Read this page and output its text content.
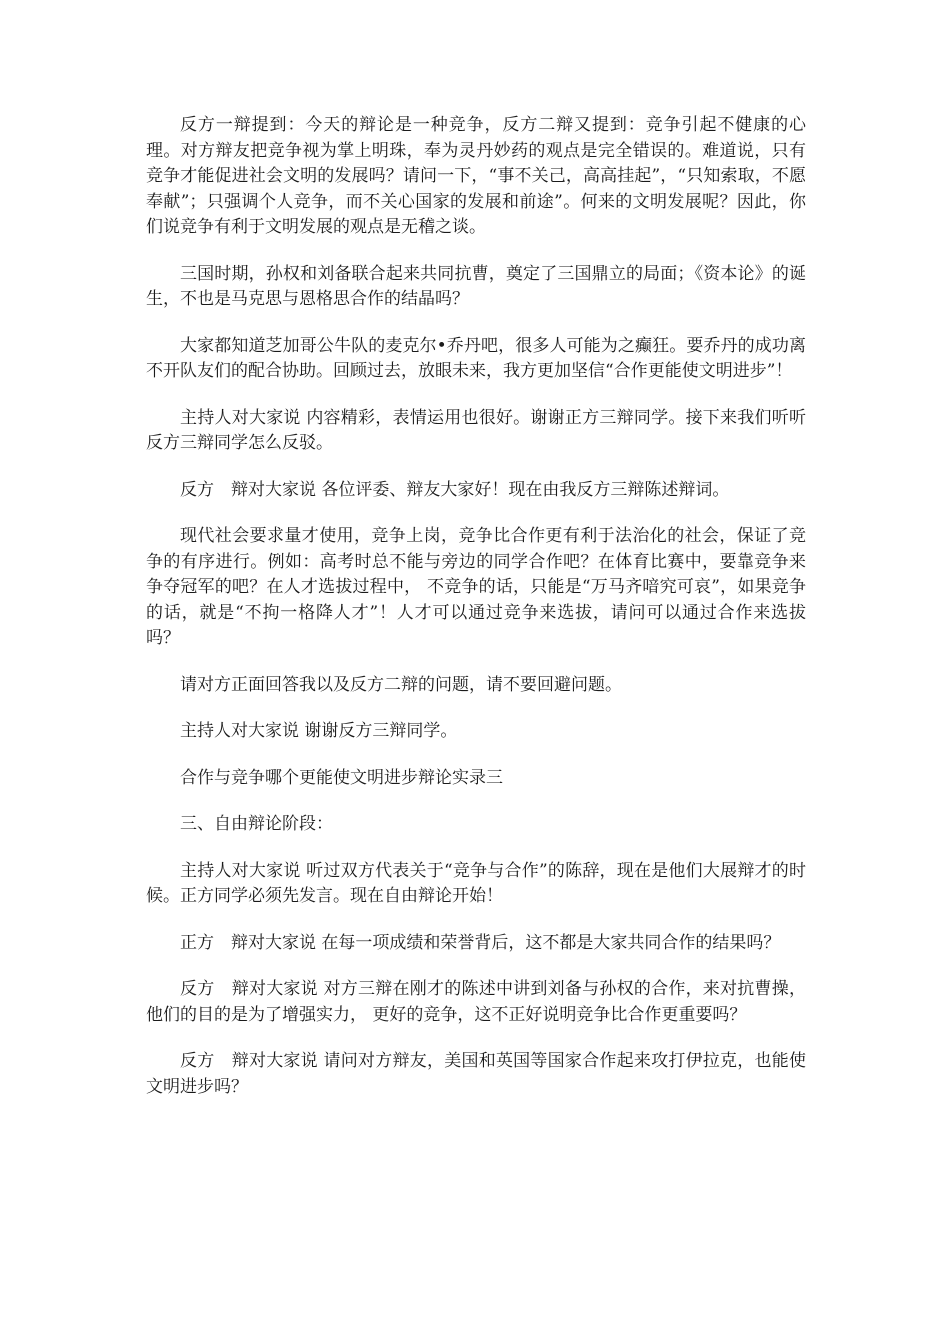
反方一辩提到：今天的辩论是一种竞争，反方二辩又提到：竞争引起不健康的心理。对方辩友把竞争视为掌上明珠，奉为灵丹妙药的观点是完全错误的。难道说，只有竞争才能促进社会文明的发展吗？请问一下，“事不关己，高高挂起”，“只知索取，不愿奉献”；只强调个人竞争，而不关心国家的发展和前途”。何来的文明发展呢？因此，你们说竞争有利于文明发展的观点是无稽之谈。

三国时期，孙权和刘备联合起来共同抗曹，奠定了三国鼎立的局面；《资本论》的诞生，不也是马克思与恩格思合作的结晶吗？

大家都知道芝加哥公牛队的麦克尔•乔丹吧，很多人可能为之癫狂。要乔丹的成功离不开队友们的配合协助。回顾过去，放眼未来，我方更加坚信“合作更能使文明进步”！

主持人对大家说 内容精彩，表情运用也很好。谢谢正方三辩同学。接下来我们听听反方三辩同学怎么反驳。

反方　辩对大家说 各位评委、辩友大家好！现在由我反方三辩陈述辩词。

现代社会要求量才使用，竞争上岗，竞争比合作更有利于法治化的社会，保证了竞争的有序进行。例如：高考时总不能与旁边的同学合作吧？在体育比赛中，要靠竞争来争夺冠军的吧？在人才选拔过程中， 不竞争的话，只能是“万马齐喑究可哀”，如果竞争的话，就是“不拘一格降人才”！人才可以通过竞争来选拔，请问可以通过合作来选拔吗？

请对方正面回答我以及反方二辩的问题，请不要回避问题。

主持人对大家说 谢谢反方三辩同学。

合作与竞争哪个更能使文明进步辩论实录三

三、自由辩论阶段：

主持人对大家说 听过双方代表关于“竞争与合作”的陈辞，现在是他们大展辩才的时候。正方同学必须先发言。现在自由辩论开始！

正方　辩对大家说 在每一项成绩和荣誉背后，这不都是大家共同合作的结果吗？

反方　辩对大家说 对方三辩在刚才的陈述中讲到刘备与孙权的合作，来对抗曹操，他们的目的是为了增强实力， 更好的竞争，这不正好说明竞争比合作更重要吗？

反方　辩对大家说 请问对方辩友，美国和英国等国家合作起来攻打伊拉克，也能使文明进步吗？
